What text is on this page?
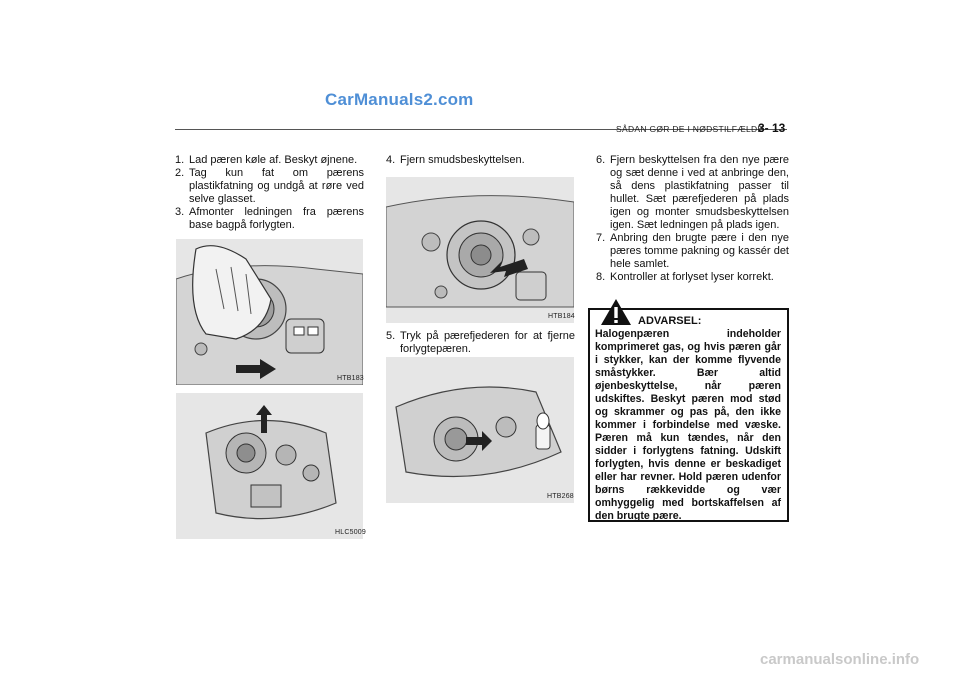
CarManuals2.com
SÅDAN GØR DE I NØDSTILFÆLDE
3- 13
1. Lad pæren køle af. Beskyt øjnene.
2. Tag kun fat om pærens plastikfatning og undgå at røre ved selve glasset.
3. Afmonter ledningen fra pærens base bagpå forlygten.
HTB183
HLC5009
4. Fjern smudsbeskyttelsen.
HTB184
5. Tryk på pærefjederen for at fjerne forlygtepæren.
HTB268
6. Fjern beskyttelsen fra den nye pære og sæt denne i ved at anbringe den, så dens plastikfatning passer til hullet. Sæt pærefjederen på plads igen og monter smudsbeskyttelsen igen. Sæt ledningen på plads igen.
7. Anbring den brugte pære i den nye pæres tomme pakning og kassér det hele samlet.
8. Kontroller at forlyset lyser korrekt.
ADVARSEL:
Halogenpæren indeholder komprimeret gas, og hvis pæren går i stykker, kan der komme flyvende småstykker. Bær altid øjenbeskyttelse, når pæren udskiftes. Beskyt pæren mod stød og skrammer og pas på, den ikke kommer i forbindelse med væske. Pæren må kun tændes, når den sidder i forlygtens fatning. Udskift forlygten, hvis denne er beskadiget eller har revner. Hold pæren udenfor børns rækkevidde og vær omhyggelig med bortskaffelsen af den brugte pære.
carmanualsonline.info
